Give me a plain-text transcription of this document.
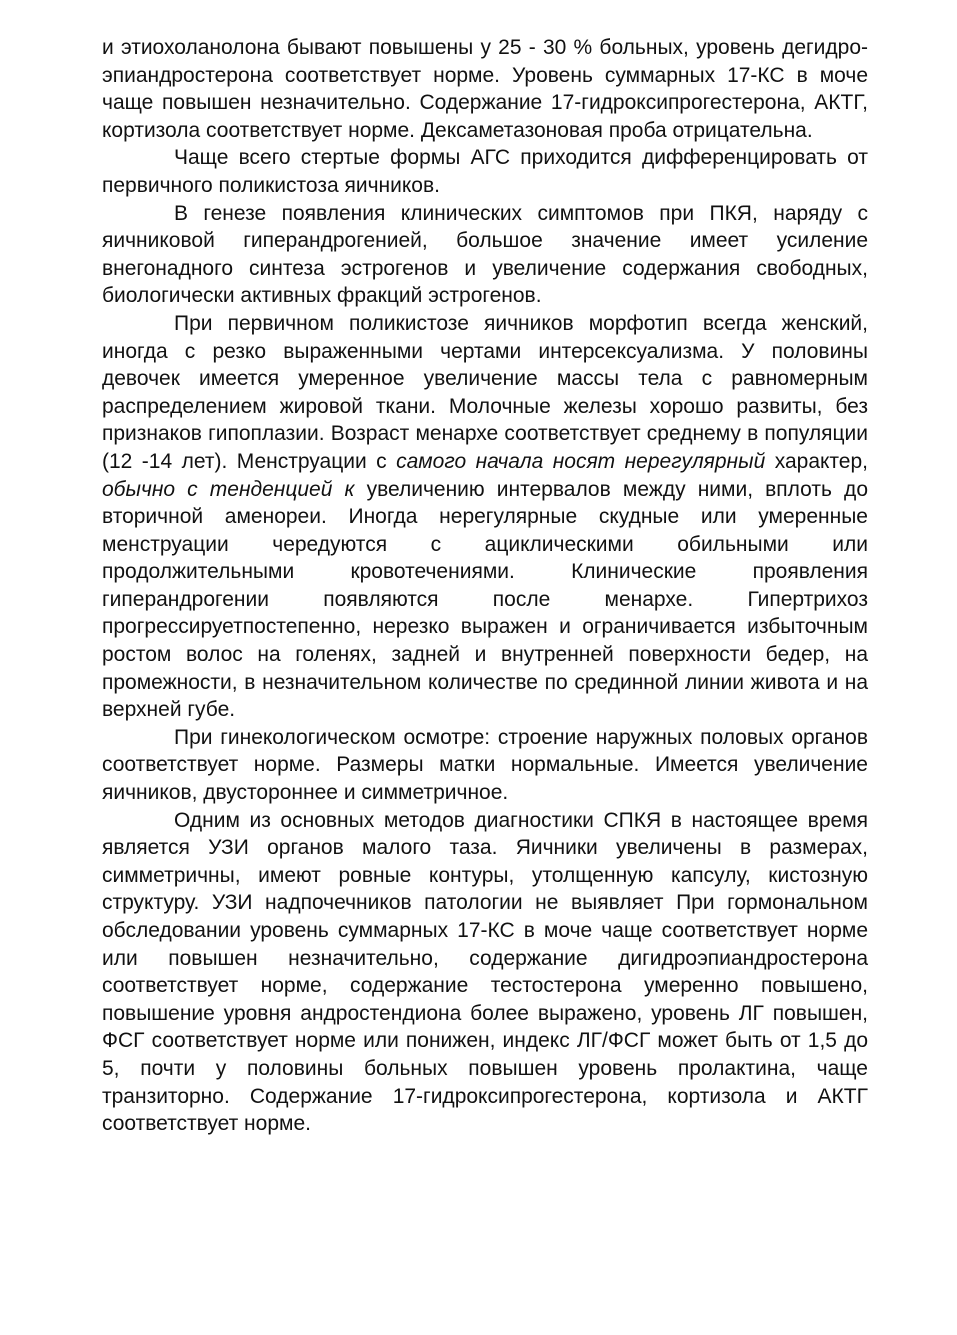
и этиохоланолона бывают повышены у 25 - 30 % больных, уровень дегидро-эпиандростерона соответствует норме. Уровень суммарных 17-КС в моче чаще повышен незначительно. Содержание 17-гидроксипрогестерона, АКТГ, кортизола соответствует норме. Дексаметазоновая проба отрицательна.

Чаще всего стертые формы АГС приходится дифференцировать от первичного поликистоза яичников.

В генезе появления клинических симптомов при ПКЯ, наряду с яичниковой гиперандрогенией, большое значение имеет усиление внегонадного синтеза эстрогенов и увеличение содержания свободных, биологически активных фракций эстрогенов.

При первичном поликистозе яичников морфотип всегда женский, иногда с резко выраженными чертами интерсексуализма. У половины девочек имеется умеренное увеличение массы тела с равномерным распределением жировой ткани. Молочные железы хорошо развиты, без признаков гипоплазии. Возраст менархе соответствует среднему в популяции (12 -14 лет). Менструации с самого начала носят нерегулярный характер, обычно с тенденцией к увеличению интервалов между ними, вплоть до вторичной аменореи. Иногда нерегулярные скудные или умеренные менструации чередуются с ациклическими обильными или продолжительными кровотечениями. Клинические проявления гиперандрогении появляются после менархе. Гипертрихоз прогрессируетпостепенно, нерезко выражен и ограничивается избыточным ростом волос на голенях, задней и внутренней поверхности бедер, на промежности, в незначительном количестве по срединной линии живота и на верхней губе.

При гинекологическом осмотре: строение наружных половых органов соответствует норме. Размеры матки нормальные. Имеется увеличение яичников, двустороннее и симметричное.

Одним из основных методов диагностики СПКЯ в настоящее время является УЗИ органов малого таза. Яичники увеличены в размерах, симметричны, имеют ровные контуры, утолщенную капсулу, кистозную структуру. УЗИ надпочечников патологии не выявляет При гормональном обследовании уровень суммарных 17-КС в моче чаще соответствует норме или повышен незначительно, содержание дигидроэпиандростерона соответствует норме, содержание тестостерона умеренно повышено, повышение уровня андростендиона более выражено, уровень ЛГ повышен, ФСГ соответствует норме или понижен, индекс ЛГ/ФСГ может быть от 1,5 до 5, почти у половины больных повышен уровень пролактина, чаще транзиторно. Содержание 17-гидроксипрогестерона, кортизола и АКТГ соответствует норме.
